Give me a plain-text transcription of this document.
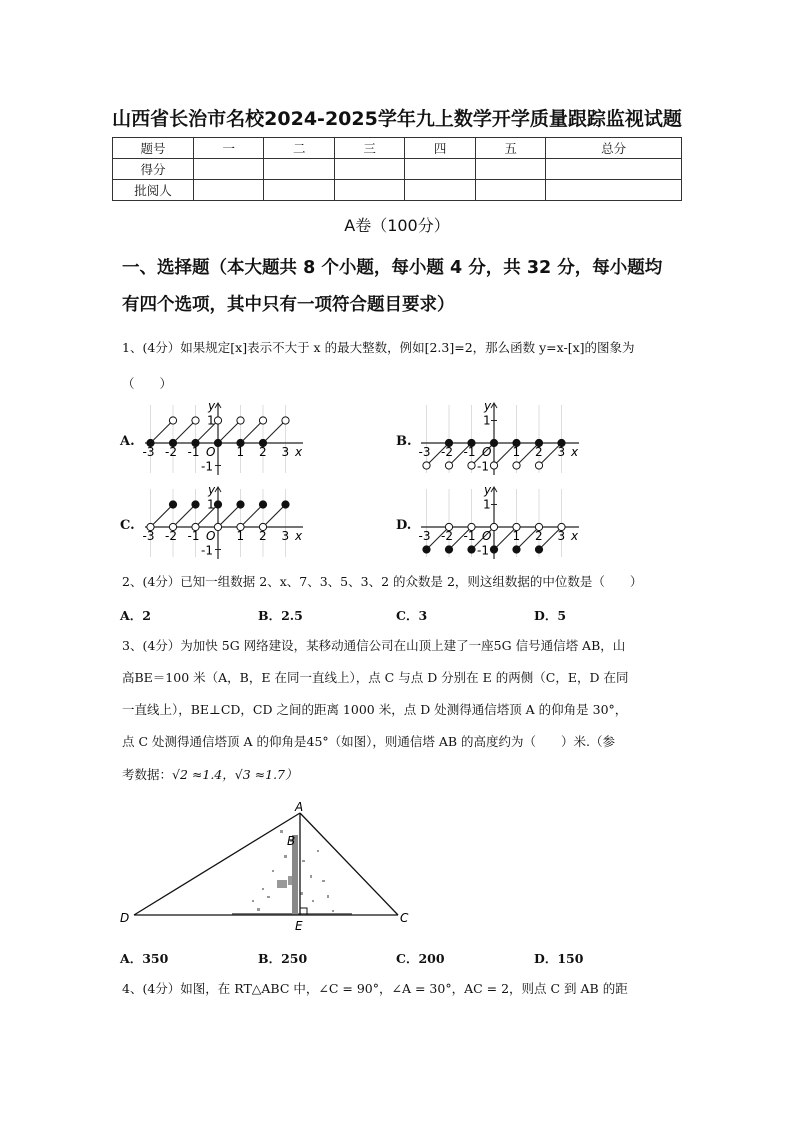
山西省长治市名校2024-2025学年九上数学开学质量跟踪监视试题
题号	一	二	三	四	五	总分
得分						
批阅人						
A卷（100分）
一、选择题（本大题共 8 个小题，每小题 4 分，共 32 分，每小题均
有四个选项，其中只有一项符合题目要求）
1、(4分）如果规定[x]表示不大于 x 的最大整数，例如[2.3]=2，那么函数 y=x-[x]的图象为
（　　）
A.	B.
C.	D.
-3 -2 -1	1 2 3
O	x
y
1
-1
-3 -2 -1	1 2 3
O	x
y
1
-1
-3 -2 -1	1 2 3
O	x
y
1
-1
-3 -2 -1	1 2 3
O	x
y
1
-1
2、(4分）已知一组数据 2、x、7、3、5、3、2 的众数是 2，则这组数据的中位数是（　　）
A．2	B．2.5	C．3	D．5
3、(4分）为加快 5G 网络建设，某移动通信公司在山顶上建了一座5G 信号通信塔 AB，山
高BE＝100 米（A，B，E 在同一直线上），点 C 与点 D 分别在 E 的两侧（C，E，D 在同
一直线上），BE⊥CD，CD 之间的距离 1000 米，点 D 处测得通信塔顶 A 的仰角是 30°，
点 C 处测得通信塔顶 A 的仰角是45°（如图），则通信塔 AB 的高度约为（　　）米.（参
考数据：√2 ≈1.4，√3 ≈1.7）
A
B
D	C
E
A．350	B．250	C．200	D．150
4、(4分）如图，在 RT△ABC 中，∠C = 90°，∠A = 30°，AC = 2，则点 C 到 AB 的距
